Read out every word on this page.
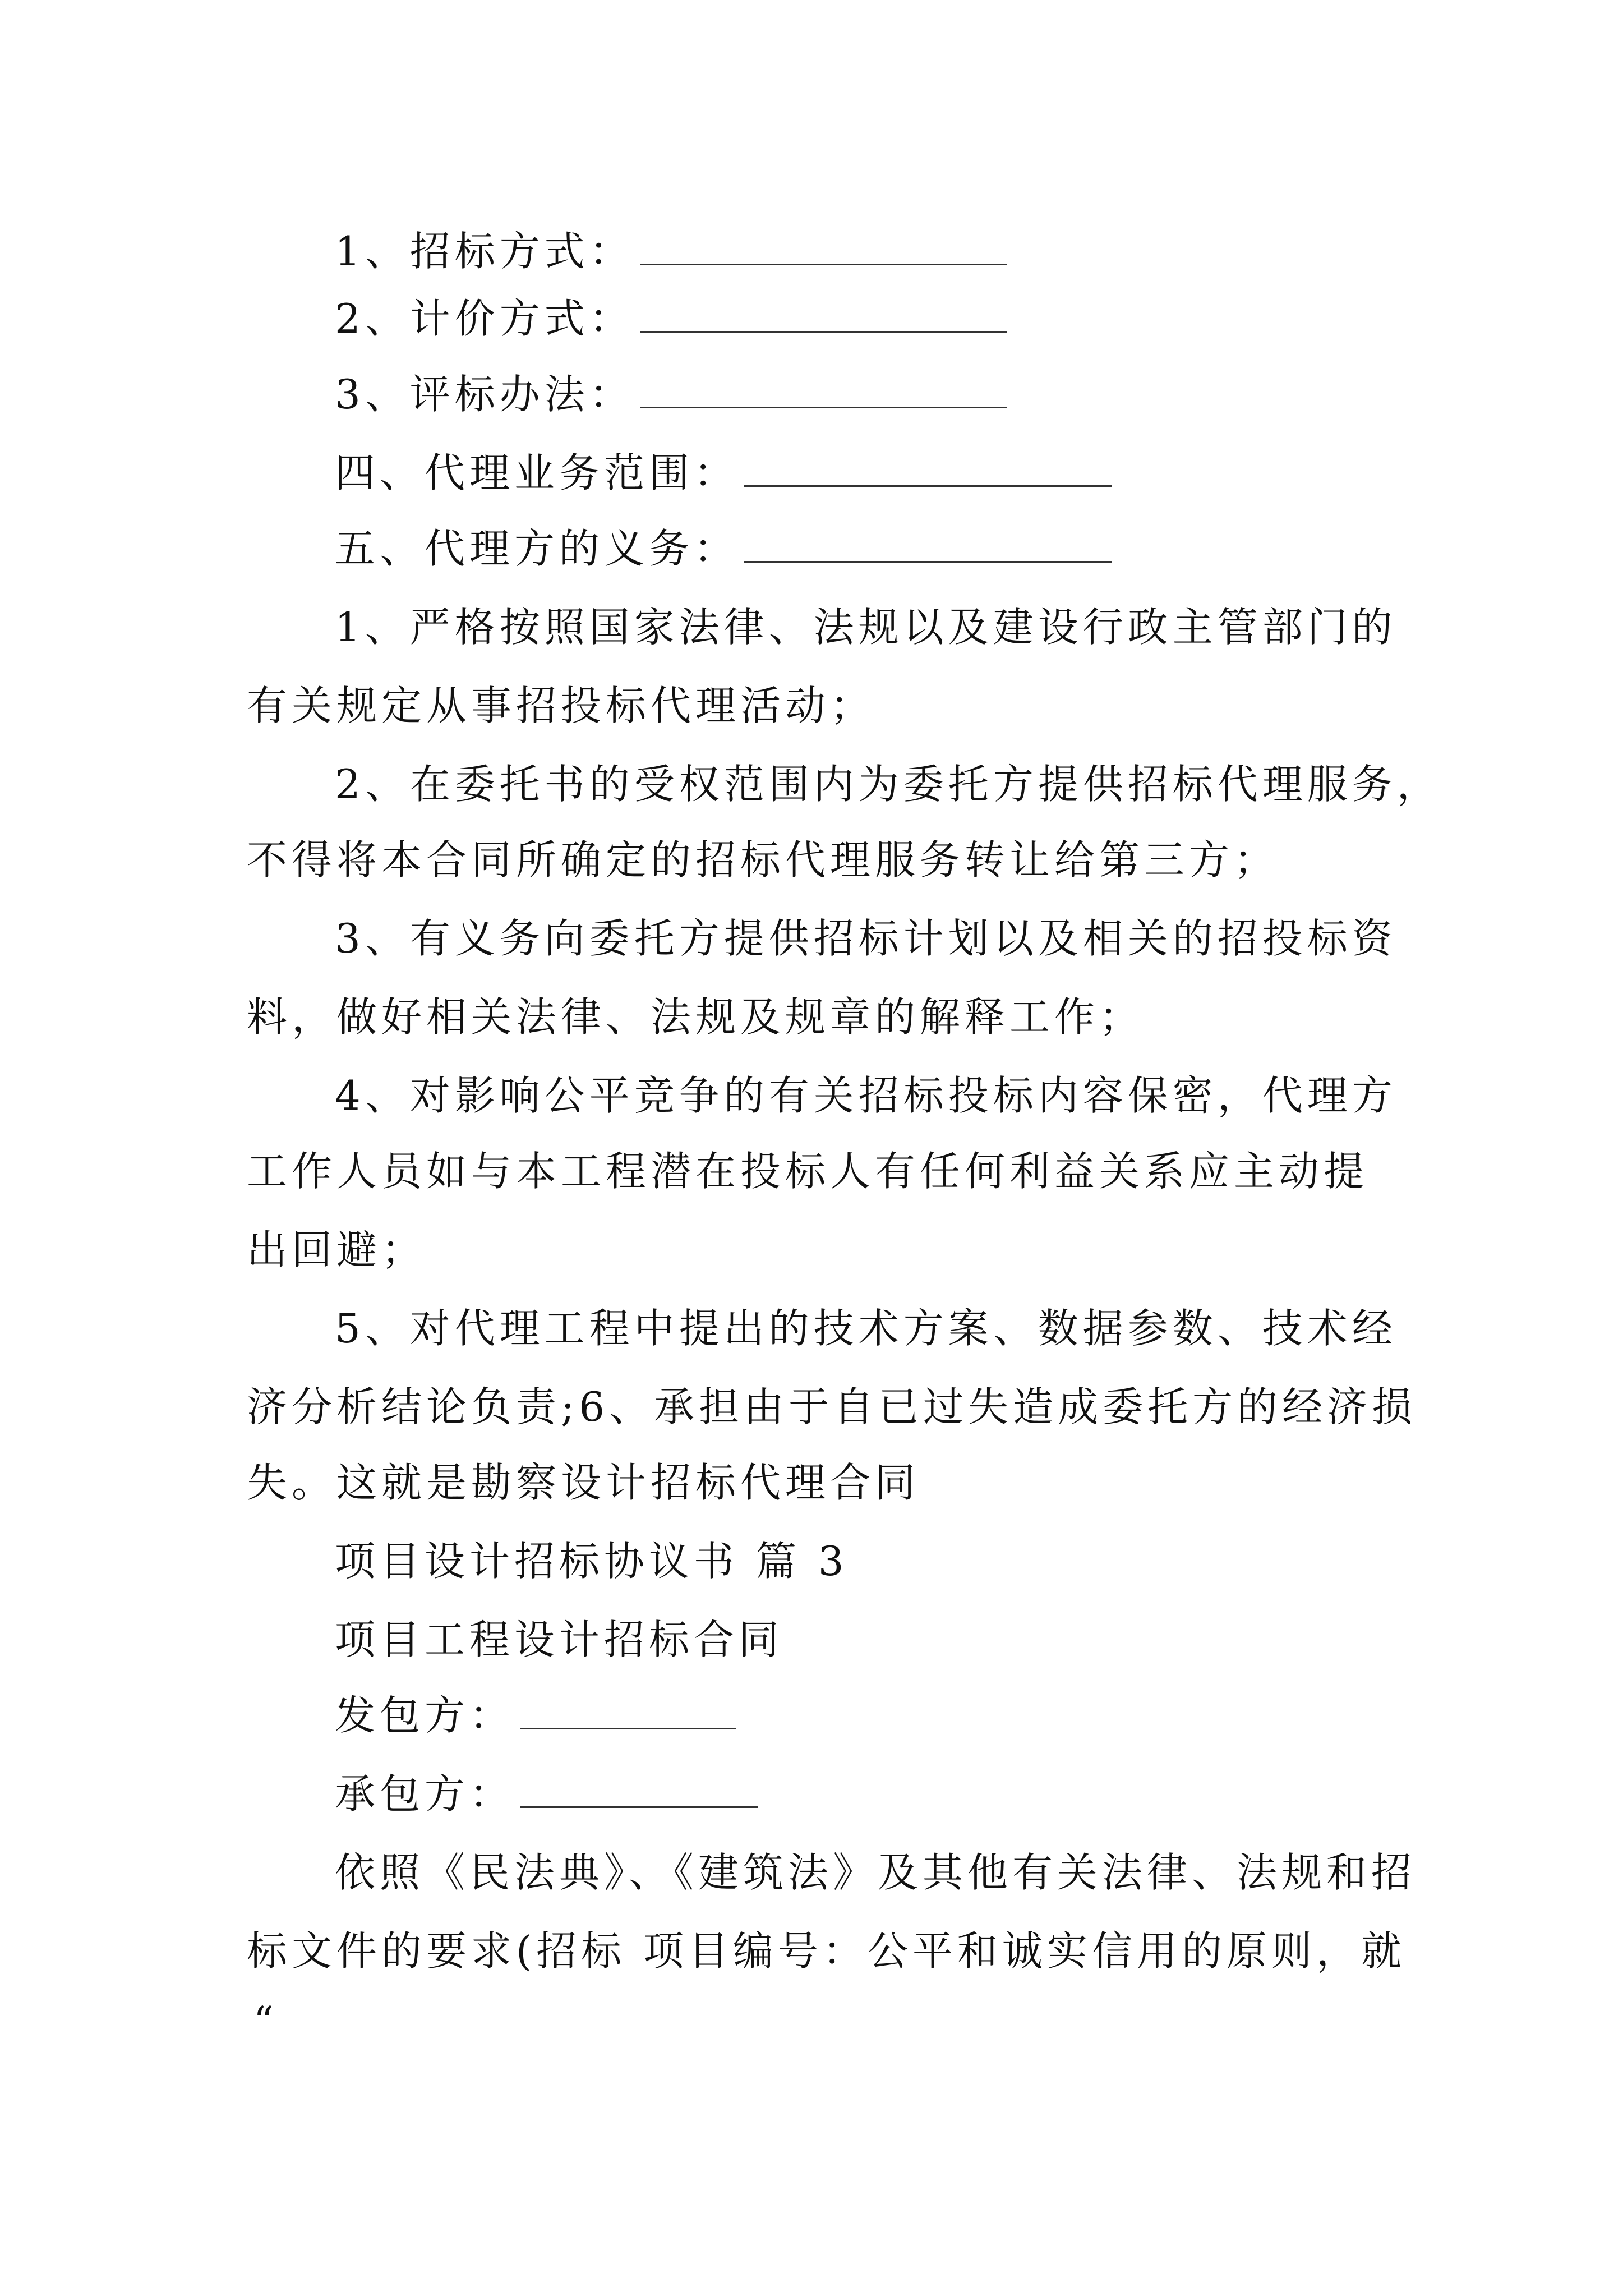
1、招标方式：
2、计价方式：
3、评标办法：
四、代理业务范围：
五、代理方的义务：
1、严格按照国家法律、法规以及建设行政主管部门的
有关规定从事招投标代理活动；
2、在委托书的受权范围内为委托方提供招标代理服务，
不得将本合同所确定的招标代理服务转让给第三方；
3、有义务向委托方提供招标计划以及相关的招投标资
料，做好相关法律、法规及规章的解释工作；
4、对影响公平竞争的有关招标投标内容保密，代理方
工作人员如与本工程潜在投标人有任何利益关系应主动提
出回避；
5、对代理工程中提出的技术方案、数据参数、技术经
济分析结论负责;6、承担由于自已过失造成委托方的经济损
失。这就是勘察设计招标代理合同
项目设计招标协议书 篇 3
项目工程设计招标合同
发包方：
承包方：
依照《民法典》、《建筑法》及其他有关法律、法规和招
标文件的要求(招标 项目编号：公平和诚实信用的原则，就
“
